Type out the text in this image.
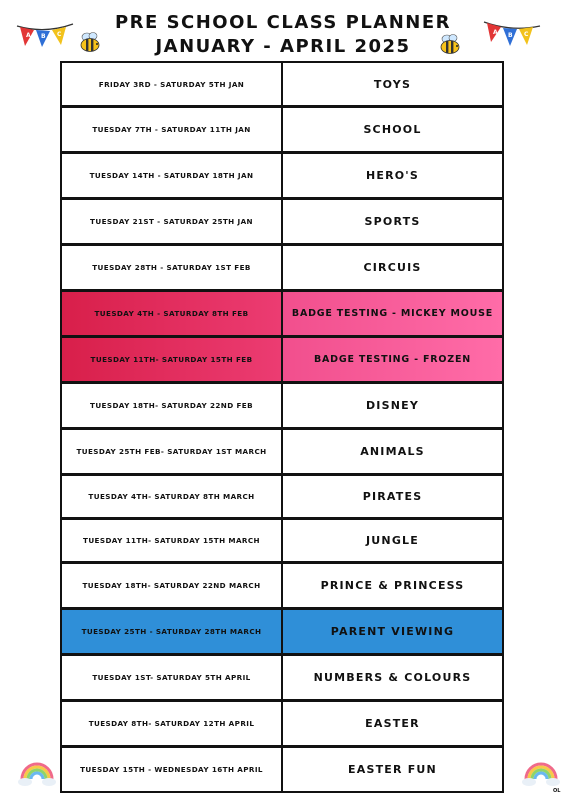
PRE SCHOOL CLASS PLANNER
JANUARY - APRIL 2025
A B C	A B C
FRIDAY 3RD - SATURDAY 5TH JAN	TOYS
TUESDAY 7TH - SATURDAY 11TH JAN	SCHOOL
TUESDAY 14TH - SATURDAY 18TH JAN	HERO'S
TUESDAY 21ST - SATURDAY 25TH JAN	SPORTS
TUESDAY 28TH - SATURDAY 1ST FEB	CIRCUIS
TUESDAY 4TH - SATURDAY 8TH FEB	BADGE TESTING - MICKEY MOUSE
TUESDAY 11TH- SATURDAY 15TH FEB	BADGE TESTING - FROZEN
TUESDAY 18TH- SATURDAY 22ND FEB	DISNEY
TUESDAY 25TH FEB- SATURDAY 1ST MARCH	ANIMALS
TUESDAY 4TH- SATURDAY 8TH MARCH	PIRATES
TUESDAY 11TH- SATURDAY 15TH MARCH	JUNGLE
TUESDAY 18TH- SATURDAY 22ND MARCH	PRINCE & PRINCESS
TUESDAY 25TH - SATURDAY 28TH MARCH	PARENT VIEWING
TUESDAY 1ST- SATURDAY 5TH APRIL	NUMBERS & COLOURS
TUESDAY 8TH- SATURDAY 12TH APRIL	EASTER
TUESDAY 15TH - WEDNESDAY 16TH APRIL	EASTER FUN
OL
